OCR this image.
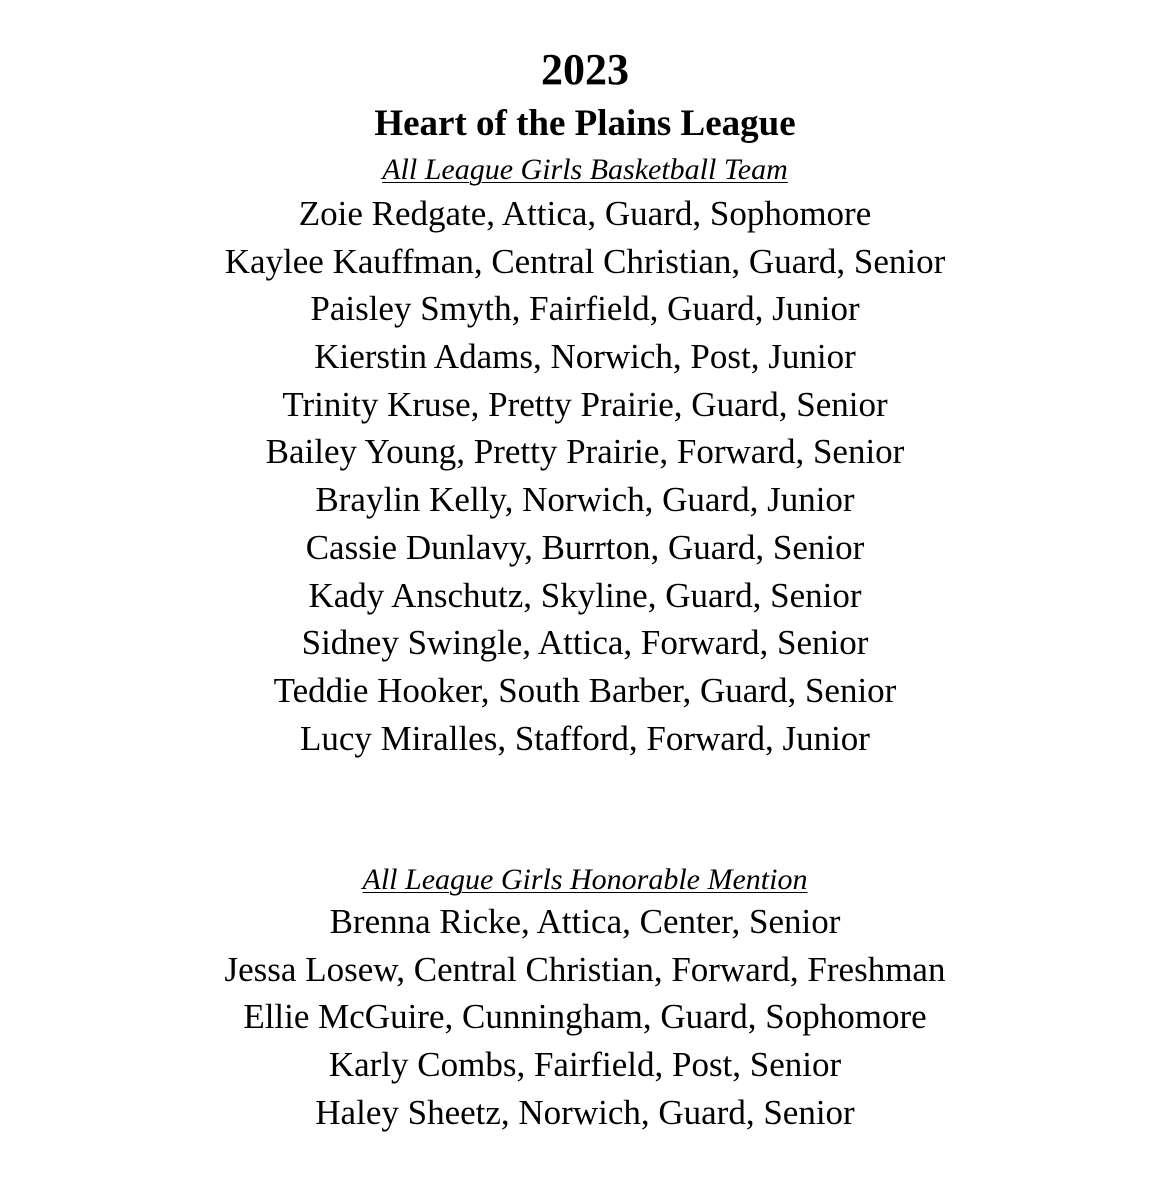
2023
Heart of the Plains League
All League Girls Basketball Team
Zoie Redgate, Attica, Guard, Sophomore
Kaylee Kauffman, Central Christian, Guard, Senior
Paisley Smyth, Fairfield, Guard, Junior
Kierstin Adams, Norwich, Post, Junior
Trinity Kruse, Pretty Prairie, Guard, Senior
Bailey Young, Pretty Prairie, Forward, Senior
Braylin Kelly, Norwich, Guard, Junior
Cassie Dunlavy, Burrton, Guard, Senior
Kady Anschutz, Skyline, Guard, Senior
Sidney Swingle, Attica, Forward, Senior
Teddie Hooker, South Barber, Guard, Senior
Lucy Miralles, Stafford, Forward, Junior
All League Girls Honorable Mention
Brenna Ricke, Attica, Center, Senior
Jessa Losew, Central Christian, Forward, Freshman
Ellie McGuire, Cunningham, Guard, Sophomore
Karly Combs, Fairfield, Post, Senior
Haley Sheetz, Norwich, Guard, Senior
